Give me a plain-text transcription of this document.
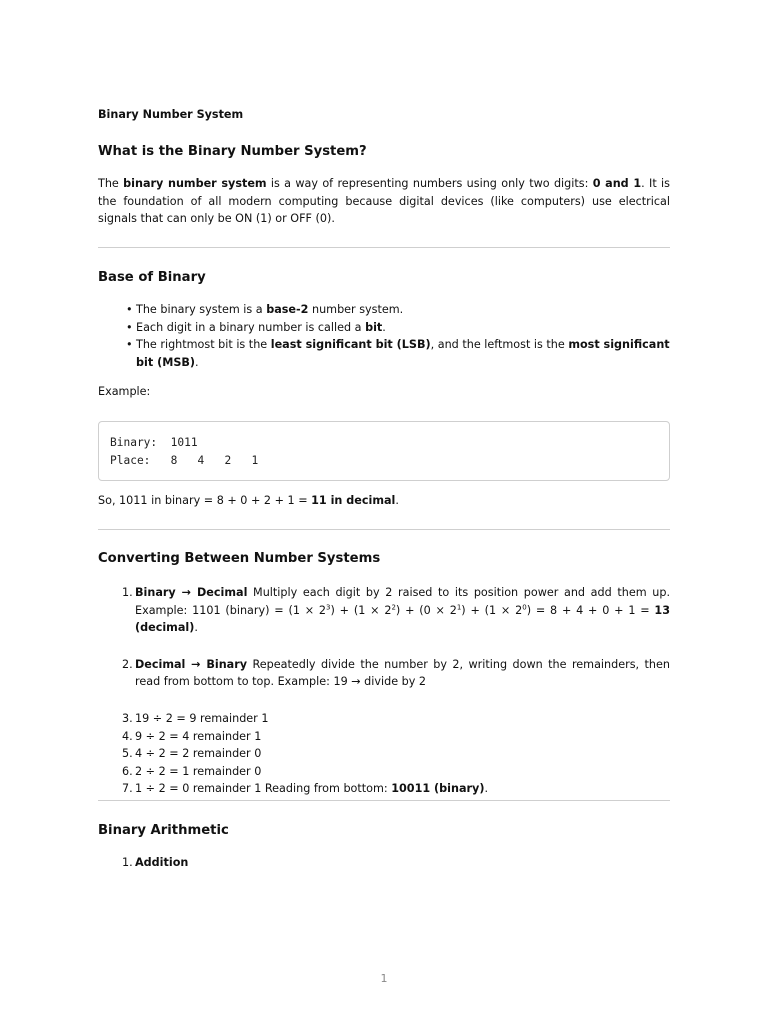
Binary Number System
What is the Binary Number System?
The binary number system is a way of representing numbers using only two digits: 0 and 1. It is the foundation of all modern computing because digital devices (like computers) use electrical signals that can only be ON (1) or OFF (0).
Base of Binary
• The binary system is a base-2 number system.
• Each digit in a binary number is called a bit.
• The rightmost bit is the least significant bit (LSB), and the leftmost is the most significant bit (MSB).
Example:
Binary:  1011
Place:   8   4   2   1
So, 1011 in binary = 8 + 0 + 2 + 1 = 11 in decimal.
Converting Between Number Systems
1. Binary → Decimal Multiply each digit by 2 raised to its position power and add them up. Example: 1101 (binary) = $(1 \times 2^3) + (1 \times 2^2) + (0 \times 2^1) + (1 \times 2^0) = 8 + 4 + 0 + 1 = 13$ (decimal).
2. Decimal → Binary Repeatedly divide the number by 2, writing down the remainders, then read from bottom to top. Example: 19 → divide by 2
3. 19 ÷ 2 = 9 remainder 1
4. 9 ÷ 2 = 4 remainder 1
5. 4 ÷ 2 = 2 remainder 0
6. 2 ÷ 2 = 1 remainder 0
7. 1 ÷ 2 = 0 remainder 1 Reading from bottom: 10011 (binary).
Binary Arithmetic
1. Addition
1
